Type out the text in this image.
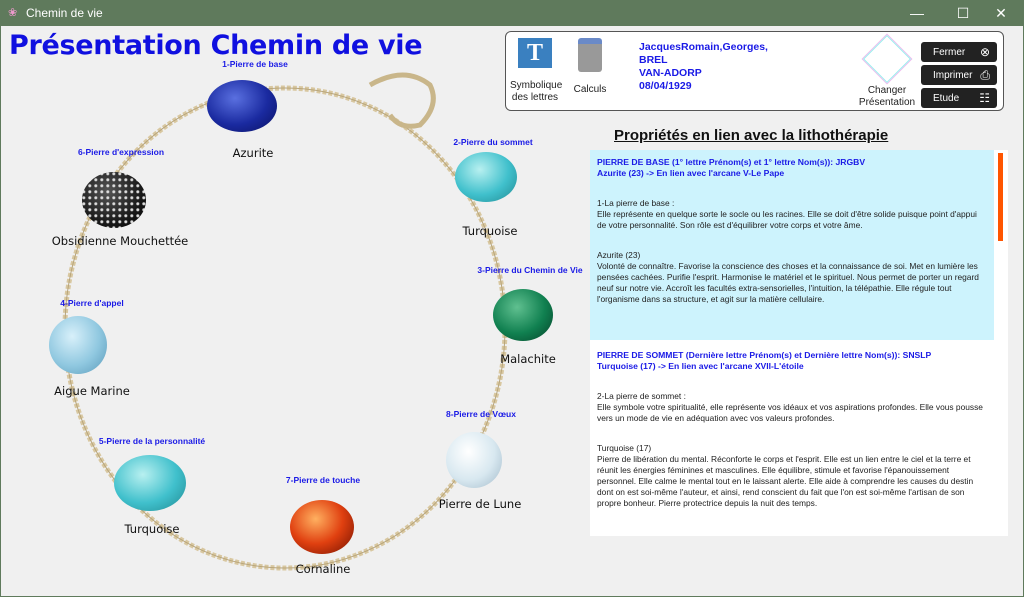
❀ Chemin de vie	—	☐	✕
Présentation Chemin de vie
1-Pierre de base
Azurite
2-Pierre du sommet
Turquoise
3-Pierre du Chemin de Vie
Malachite
4-Pierre d'appel
Aigue Marine
5-Pierre de la personnalité
Turquoise
6-Pierre d'expression
Obsidienne Mouchettée
7-Pierre de touche
Cornaline
8-Pierre de Vœux
Pierre de Lune
T
Symbolique des lettres
Calculs
JacquesRomain,Georges,
BREL
VAN-ADORP
08/04/1929	Changer Présentation
Fermer ⊗
Imprimer ⎙
Etude ☷
Propriétés en lien avec la lithothérapie
PIERRE DE BASE (1° lettre Prénom(s) et 1° lettre Nom(s)): JRGBV
Azurite (23) -> En lien avec l'arcane V-Le Pape

1-La pierre de base :
Elle représente en quelque sorte le socle ou les racines. Elle se doit d'être solide puisque point d'appui de votre personnalité. Son rôle est d'équilibrer votre corps et votre âme.

Azurite (23)
Volonté de connaître. Favorise la conscience des choses et la connaissance de soi. Met en lumière les pensées cachées. Purifie l'esprit. Harmonise le matériel et le spirituel. Nous permet de porter un regard neuf sur notre vie. Accroît les facultés extra-sensorielles, l'intuition, la télépathie. Elle régule tout l'organisme dans sa structure, et agit sur la matière cellulaire.

PIERRE DE SOMMET (Dernière lettre Prénom(s) et Dernière lettre Nom(s)): SNSLP
Turquoise (17) -> En lien avec l'arcane XVII-L'étoile

2-La pierre de sommet :
Elle symbole votre spiritualité, elle représente vos idéaux et vos aspirations profondes. Elle vous pousse vers un mode de vie en adéquation avec vos valeurs profondes.

Turquoise (17)
Pierre de libération du mental. Réconforte le corps et l'esprit. Elle est un lien entre le ciel et la terre et réunit les énergies féminines et masculines. Elle équilibre, stimule et favorise l'épanouissement personnel. Elle calme le mental tout en le laissant alerte. Elle aide à comprendre les causes du destin dont on est soi-même l'auteur, et ainsi, rend conscient du fait que l'on est soi-même l'artisan de son propre bonheur. Pierre protectrice depuis la nuit des temps.
